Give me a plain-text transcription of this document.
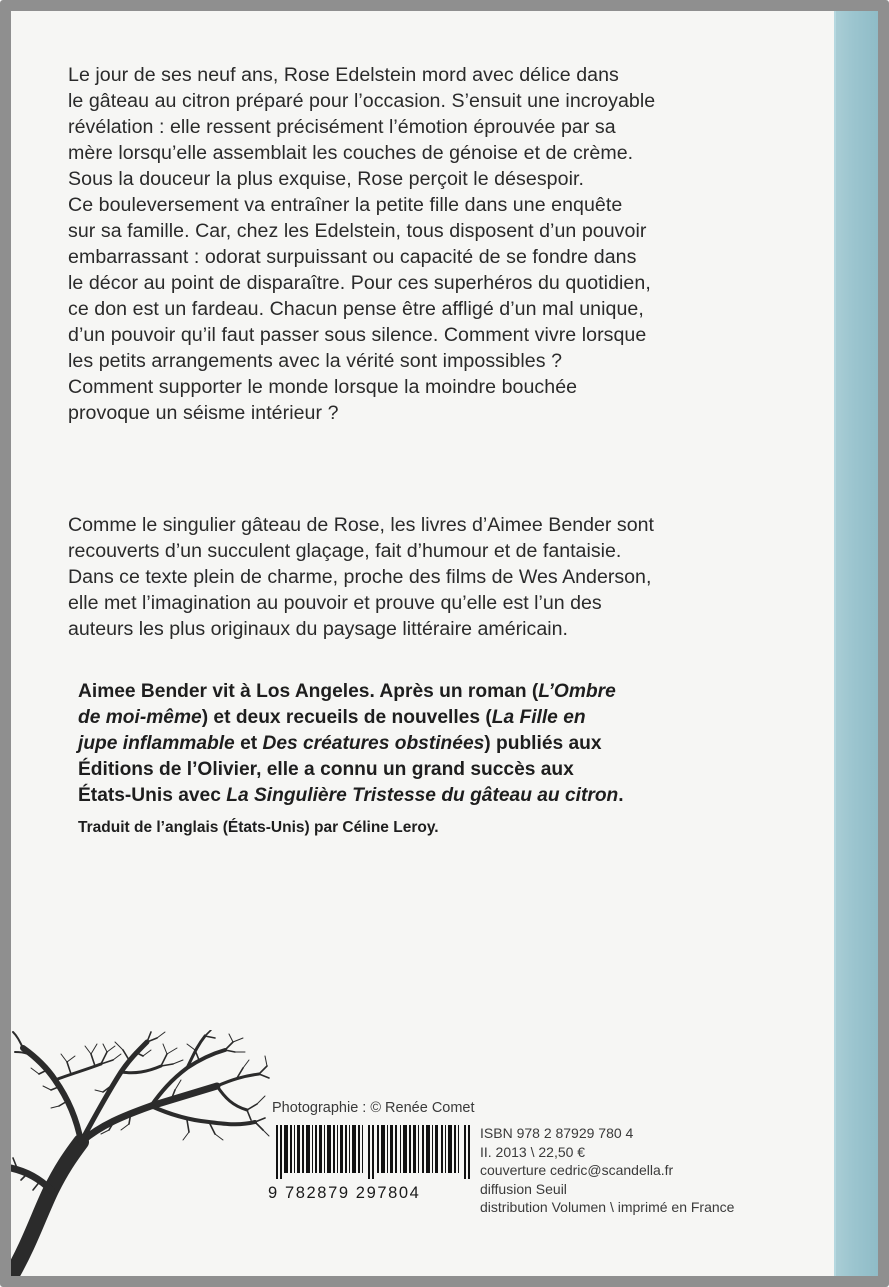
Le jour de ses neuf ans, Rose Edelstein mord avec délice dans
le gâteau au citron préparé pour l’occasion. S’ensuit une incroyable
révélation : elle ressent précisément l’émotion éprouvée par sa
mère lorsqu’elle assemblait les couches de génoise et de crème.
Sous la douceur la plus exquise, Rose perçoit le désespoir.
Ce bouleversement va entraîner la petite fille dans une enquête
sur sa famille. Car, chez les Edelstein, tous disposent d’un pouvoir
embarrassant : odorat surpuissant ou capacité de se fondre dans
le décor au point de disparaître. Pour ces superhéros du quotidien,
ce don est un fardeau. Chacun pense être affligé d’un mal unique,
d’un pouvoir qu’il faut passer sous silence. Comment vivre lorsque
les petits arrangements avec la vérité sont impossibles ?
Comment supporter le monde lorsque la moindre bouchée
provoque un séisme intérieur ?
Comme le singulier gâteau de Rose, les livres d’Aimee Bender sont
recouverts d’un succulent glaçage, fait d’humour et de fantaisie.
Dans ce texte plein de charme, proche des films de Wes Anderson,
elle met l’imagination au pouvoir et prouve qu’elle est l’un des
auteurs les plus originaux du paysage littéraire américain.
Aimee Bender vit à Los Angeles. Après un roman (L’Ombre
de moi-même) et deux recueils de nouvelles (La Fille en
jupe inflammable et Des créatures obstinées) publiés aux
Éditions de l’Olivier, elle a connu un grand succès aux
États-Unis avec La Singulière Tristesse du gâteau au citron.
Traduit de l’anglais (États-Unis) par Céline Leroy.
Photographie : © Renée Comet
9 782879 297804
ISBN 978 2 87929 780 4
II. 2013 \ 22,50 €
couverture cedric@scandella.fr
diffusion Seuil
distribution Volumen \ imprimé en France
